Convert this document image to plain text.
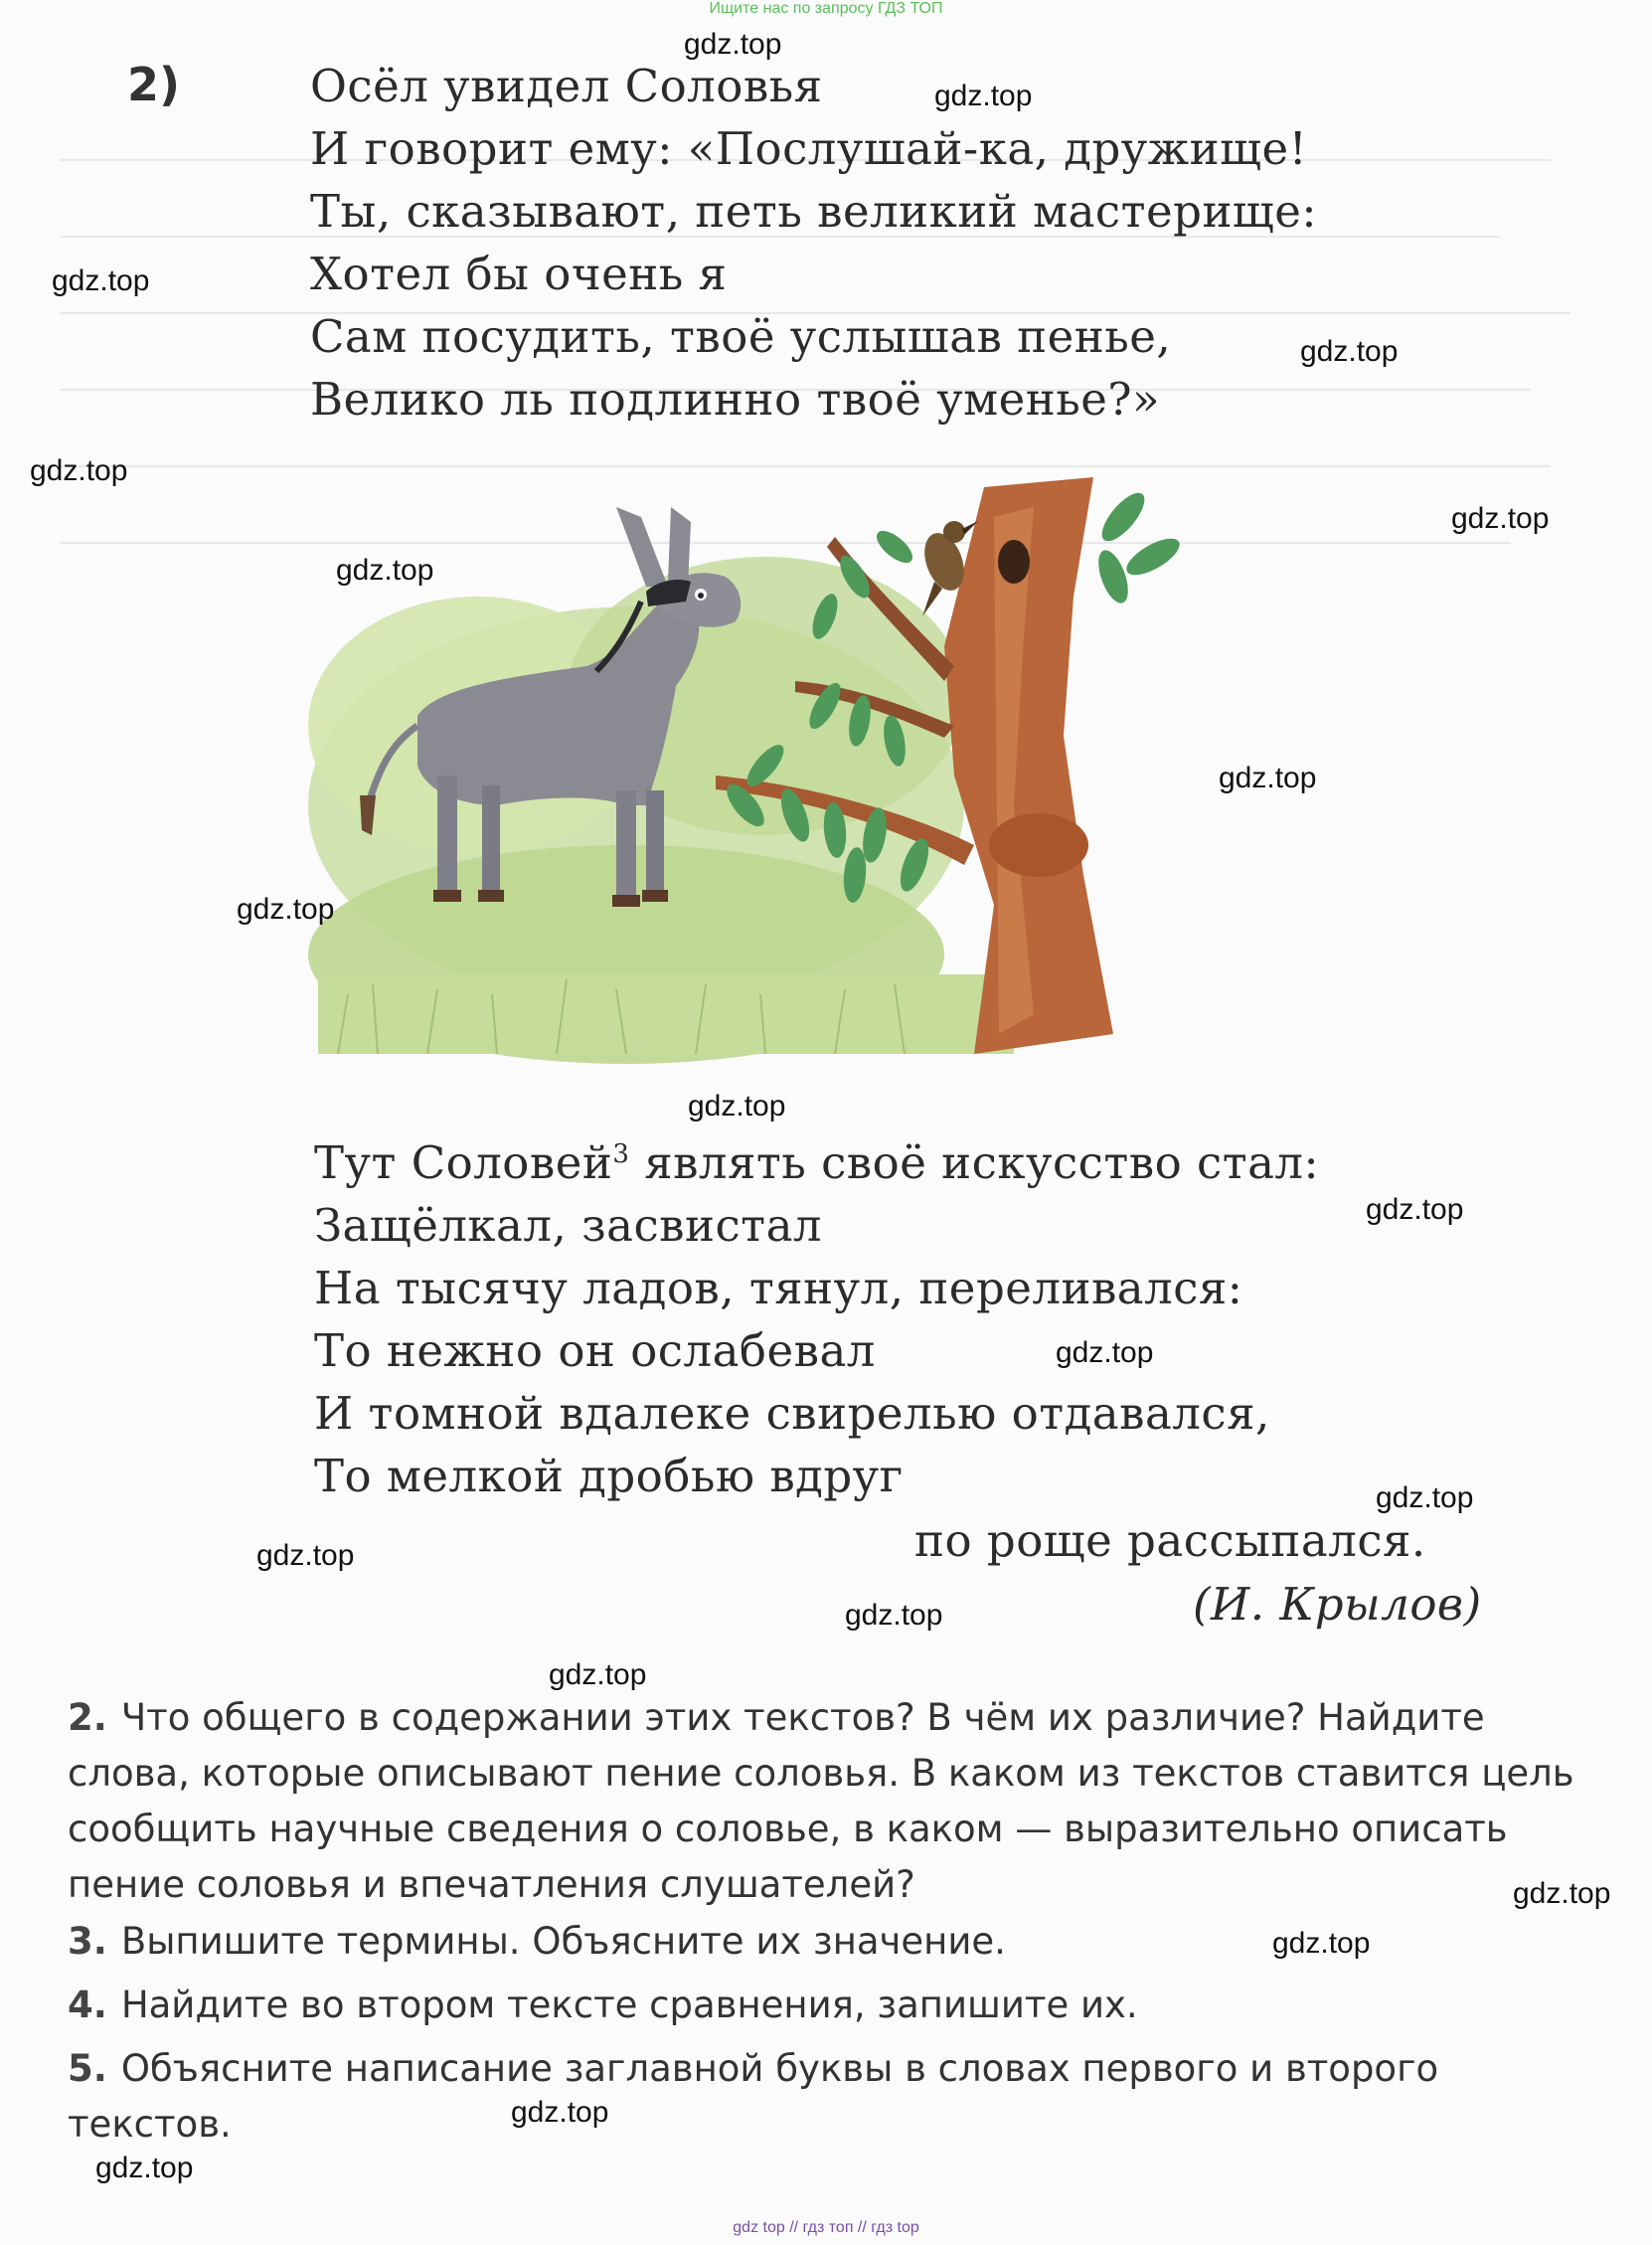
Ищите нас по запросу ГДЗ ТОП
gdz top // гдз топ // гдз top
2)	Осёл увидел Соловья
И говорит ему: «Послушай-ка, дружище!
Ты, сказывают, петь великий мастерище:
Хотел бы очень я
Сам посудить, твоё услышав пенье,
Велико ль подлинно твоё уменье?»
Тут Соловей$^3$ являть своё искусство стал:
Защёлкал, засвистал
На тысячу ладов, тянул, переливался:
То нежно он ослабевал
И томной вдалеке свирелью отдавался,
То мелкой дробью вдруг
по роще рассыпался.
(И. Крылов)
2. Что общего в содержании этих текстов? В чём их различие? Найдите слова, которые описывают пение соловья. В каком из текстов ставится цель сообщить научные сведения о соловье, в каком — выразительно описать пение соловья и впечатления слушателей?
3. Выпишите термины. Объясните их значение.
4. Найдите во втором тексте сравнения, запишите их.
5. Объясните написание заглавной буквы в словах первого и второго текстов.
gdz.top
gdz.top
gdz.top
gdz.top
gdz.top
gdz.top
gdz.top
gdz.top
gdz.top
gdz.top
gdz.top
gdz.top
gdz.top
gdz.top
gdz.top
gdz.top
gdz.top
gdz.top
gdz.top
gdz.top
